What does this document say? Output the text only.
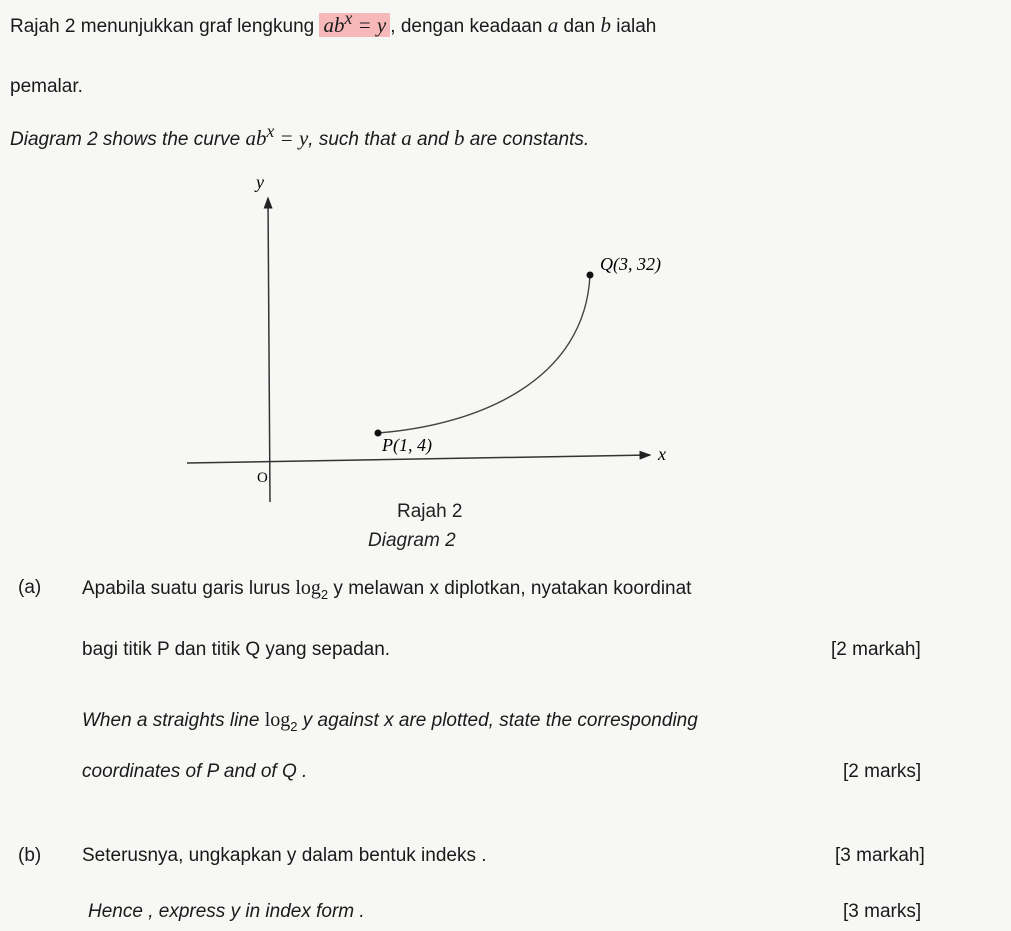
Rajah 2 menunjukkan graf lengkung $ab^x = y$ , dengan keadaan a dan b ialah
pemalar.
Diagram 2 shows the curve $ab^x = y$, such that a and b are constants.
y
x
O
P(1, 4)
Q(3, 32)
Rajah 2
Diagram 2
(a) Apabila suatu garis lurus $\log_2 y$ melawan x diplotkan, nyatakan koordinat
bagi titik P dan titik Q yang sepadan.	[2 markah]
When a straights line $\log_2 y$ against x are plotted, state the corresponding
coordinates of P and of Q .	[2 marks]
(b) Seterusnya, ungkapkan y dalam bentuk indeks .	[3 markah]
Hence , express y in index form .	[3 marks]
